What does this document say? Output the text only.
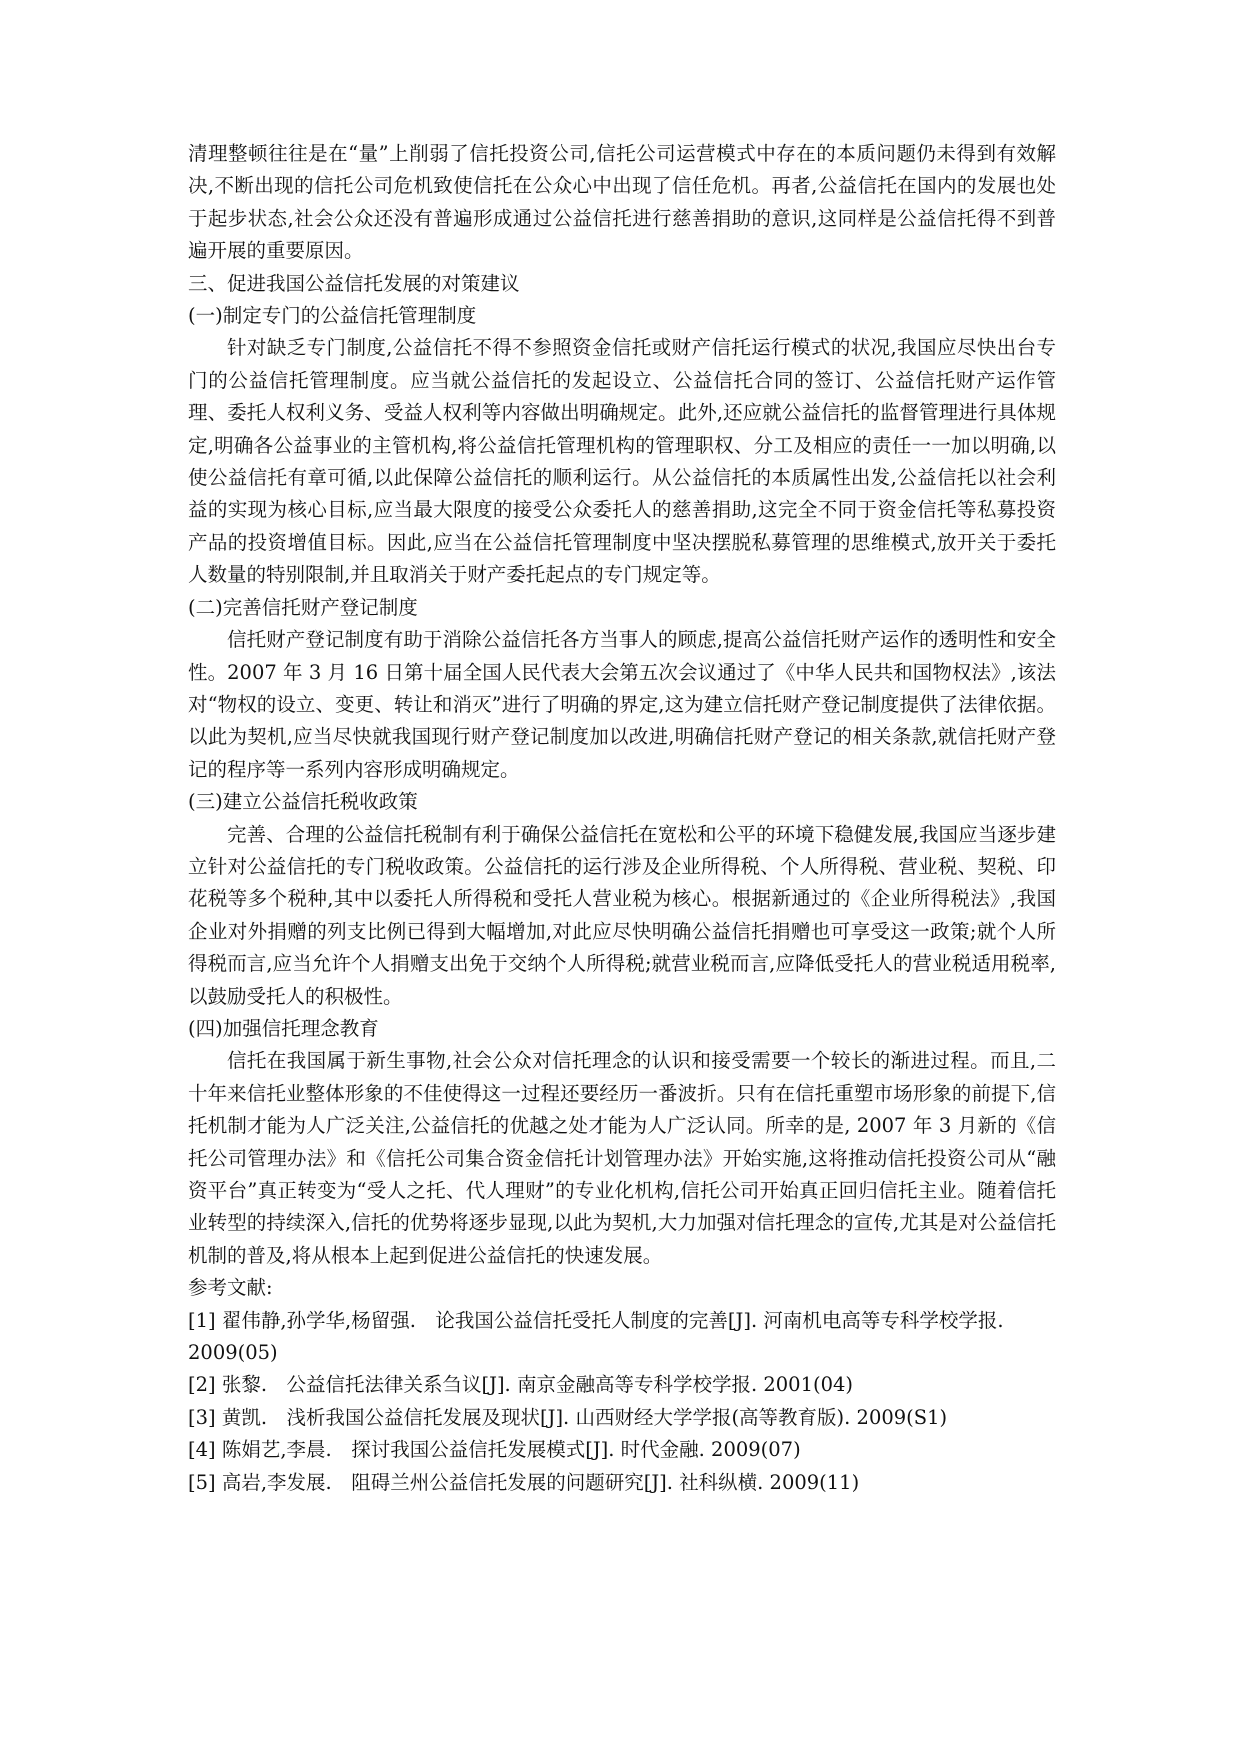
清理整顿往往是在“量”上削弱了信托投资公司,信托公司运营模式中存在的本质问题仍未得到有效解决,不断出现的信托公司危机致使信托在公众心中出现了信任危机。再者,公益信托在国内的发展也处于起步状态,社会公众还没有普遍形成通过公益信托进行慈善捐助的意识,这同样是公益信托得不到普遍开展的重要原因。

三、促进我国公益信托发展的对策建议

(一)制定专门的公益信托管理制度

针对缺乏专门制度,公益信托不得不参照资金信托或财产信托运行模式的状况,我国应尽快出台专门的公益信托管理制度。应当就公益信托的发起设立、公益信托合同的签订、公益信托财产运作管理、委托人权利义务、受益人权利等内容做出明确规定。此外,还应就公益信托的监督管理进行具体规定,明确各公益事业的主管机构,将公益信托管理机构的管理职权、分工及相应的责任一一加以明确,以使公益信托有章可循,以此保障公益信托的顺利运行。从公益信托的本质属性出发,公益信托以社会利益的实现为核心目标,应当最大限度的接受公众委托人的慈善捐助,这完全不同于资金信托等私募投资产品的投资增值目标。因此,应当在公益信托管理制度中坚决摆脱私募管理的思维模式,放开关于委托人数量的特别限制,并且取消关于财产委托起点的专门规定等。

(二)完善信托财产登记制度

信托财产登记制度有助于消除公益信托各方当事人的顾虑,提高公益信托财产运作的透明性和安全性。2007 年 3 月 16 日第十届全国人民代表大会第五次会议通过了《中华人民共和国物权法》,该法对“物权的设立、变更、转让和消灭”进行了明确的界定,这为建立信托财产登记制度提供了法律依据。以此为契机,应当尽快就我国现行财产登记制度加以改进,明确信托财产登记的相关条款,就信托财产登记的程序等一系列内容形成明确规定。

(三)建立公益信托税收政策

完善、合理的公益信托税制有利于确保公益信托在宽松和公平的环境下稳健发展,我国应当逐步建立针对公益信托的专门税收政策。公益信托的运行涉及企业所得税、个人所得税、营业税、契税、印花税等多个税种,其中以委托人所得税和受托人营业税为核心。根据新通过的《企业所得税法》,我国企业对外捐赠的列支比例已得到大幅增加,对此应尽快明确公益信托捐赠也可享受这一政策;就个人所得税而言,应当允许个人捐赠支出免于交纳个人所得税;就营业税而言,应降低受托人的营业税适用税率,以鼓励受托人的积极性。

(四)加强信托理念教育

信托在我国属于新生事物,社会公众对信托理念的认识和接受需要一个较长的渐进过程。而且,二十年来信托业整体形象的不佳使得这一过程还要经历一番波折。只有在信托重塑市场形象的前提下,信托机制才能为人广泛关注,公益信托的优越之处才能为人广泛认同。所幸的是, 2007 年 3 月新的《信托公司管理办法》和《信托公司集合资金信托计划管理办法》开始实施,这将推动信托投资公司从“融资平台”真正转变为“受人之托、代人理财”的专业化机构,信托公司开始真正回归信托主业。随着信托业转型的持续深入,信托的优势将逐步显现,以此为契机,大力加强对信托理念的宣传,尤其是对公益信托机制的普及,将从根本上起到促进公益信托的快速发展。

参考文献:

[1] 翟伟静,孙学华,杨留强.　论我国公益信托受托人制度的完善[J]. 河南机电高等专科学校学报. 2009(05)
[2] 张黎.　公益信托法律关系刍议[J]. 南京金融高等专科学校学报. 2001(04)
[3] 黄凯.　浅析我国公益信托发展及现状[J]. 山西财经大学学报(高等教育版). 2009(S1)
[4] 陈娟艺,李晨.　探讨我国公益信托发展模式[J]. 时代金融. 2009(07)
[5] 高岩,李发展.　阻碍兰州公益信托发展的问题研究[J]. 社科纵横. 2009(11)
